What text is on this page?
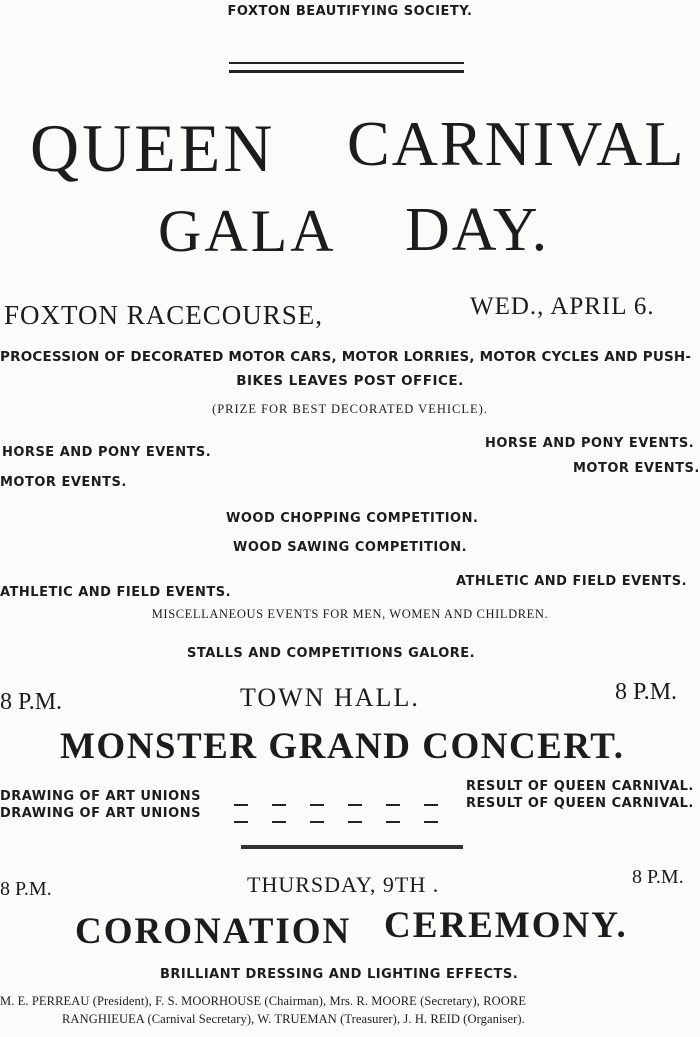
FOXTON BEAUTIFYING SOCIETY.
QUEEN CARNIVAL
GALA DAY.
FOXTON RACECOURSE,	WED., APRIL 6.
PROCESSION OF DECORATED MOTOR CARS, MOTOR LORRIES, MOTOR CYCLES AND PUSH-
BIKES LEAVES POST OFFICE.
(PRIZE FOR BEST DECORATED VEHICLE).
HORSE AND PONY EVENTS.
HORSE AND PONY EVENTS.
MOTOR EVENTS.
MOTOR EVENTS.
WOOD CHOPPING COMPETITION.
WOOD SAWING COMPETITION.
ATHLETIC AND FIELD EVENTS.
ATHLETIC AND FIELD EVENTS.
MISCELLANEOUS EVENTS FOR MEN, WOMEN AND CHILDREN.
STALLS AND COMPETITIONS GALORE.
8 P.M.	TOWN HALL.	8 P.M.
MONSTER GRAND CONCERT.
DRAWING OF ART UNIONS
DRAWING OF ART UNIONS
RESULT OF QUEEN CARNIVAL.
RESULT OF QUEEN CARNIVAL.
8 P.M.	THURSDAY, 9TH .	8 P.M.
CORONATION CEREMONY.
BRILLIANT DRESSING AND LIGHTING EFFECTS.
M. E. PERREAU (President), F. S. MOORHOUSE (Chairman), Mrs. R. MOORE (Secretary), ROORE
RANGHIEUEA (Carnival Secretary), W. TRUEMAN (Treasurer), J. H. REID (Organiser).
